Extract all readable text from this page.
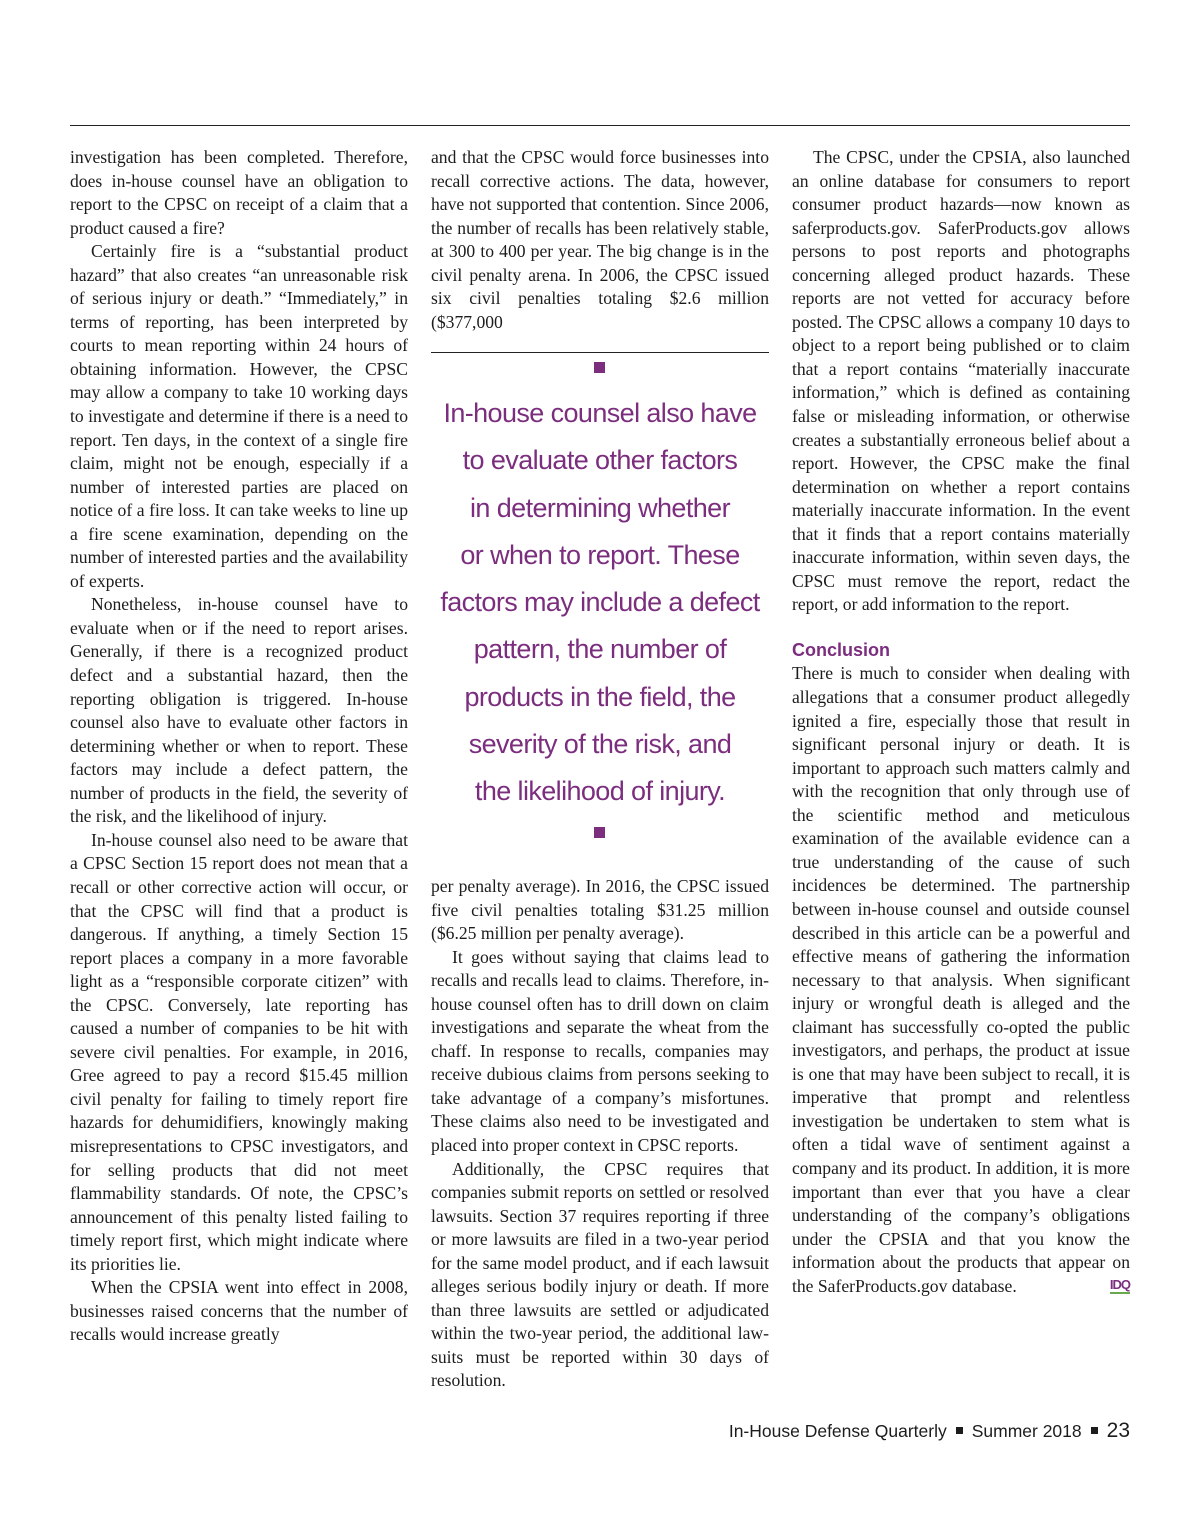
investigation has been completed. Therefore, does in-house counsel have an obligation to report to the CPSC on receipt of a claim that a product caused a fire?

Certainly fire is a “substantial product hazard” that also creates “an unreasonable risk of serious injury or death.” “Immediately,” in terms of reporting, has been interpreted by courts to mean reporting within 24 hours of obtaining information. However, the CPSC may allow a company to take 10 working days to investigate and determine if there is a need to report. Ten days, in the context of a single fire claim, might not be enough, especially if a number of interested parties are placed on notice of a fire loss. It can take weeks to line up a fire scene examination, depending on the number of interested parties and the availability of experts.

Nonetheless, in-house counsel have to evaluate when or if the need to report arises. Generally, if there is a recognized product defect and a substantial hazard, then the reporting obligation is triggered. In-house counsel also have to evaluate other factors in determining whether or when to report. These factors may include a defect pattern, the number of products in the field, the severity of the risk, and the likelihood of injury.

In-house counsel also need to be aware that a CPSC Section 15 report does not mean that a recall or other corrective action will occur, or that the CPSC will find that a product is dangerous. If anything, a timely Section 15 report places a company in a more favorable light as a “responsible corporate citizen” with the CPSC. Conversely, late reporting has caused a number of companies to be hit with severe civil penalties. For example, in 2016, Gree agreed to pay a record $15.45 million civil penalty for failing to timely report fire hazards for dehumidifiers, knowingly making misrepresentations to CPSC investigators, and for selling products that did not meet flammability standards. Of note, the CPSC’s announcement of this penalty listed failing to timely report first, which might indicate where its priorities lie.

When the CPSIA went into effect in 2008, businesses raised concerns that the number of recalls would increase greatly

and that the CPSC would force businesses into recall corrective actions. The data, however, have not supported that contention. Since 2006, the number of recalls has been relatively stable, at 300 to 400 per year. The big change is in the civil penalty arena. In 2006, the CPSC issued six civil penalties totaling $2.6 million ($377,000

In-house counsel also have
to evaluate other factors
in determining whether
or when to report. These
factors may include a defect
pattern, the number of
products in the field, the
severity of the risk, and
the likelihood of injury.

per penalty average). In 2016, the CPSC issued five civil penalties totaling $31.25 million ($6.25 million per penalty average).

It goes without saying that claims lead to recalls and recalls lead to claims. Therefore, in-house counsel often has to drill down on claim investigations and separate the wheat from the chaff. In response to recalls, companies may receive dubious claims from persons seeking to take advantage of a company’s misfortunes. These claims also need to be investigated and placed into proper context in CPSC reports.

Additionally, the CPSC requires that companies submit reports on settled or resolved lawsuits. Section 37 requires reporting if three or more lawsuits are filed in a two-year period for the same model product, and if each lawsuit alleges serious bodily injury or death. If more than three lawsuits are settled or adjudicated within the two-year period, the additional lawsuits must be reported within 30 days of resolution.

The CPSC, under the CPSIA, also launched an online database for consumers to report consumer product hazards—now known as saferproducts.gov. SaferProducts.gov allows persons to post reports and photographs concerning alleged product hazards. These reports are not vetted for accuracy before posted. The CPSC allows a company 10 days to object to a report being published or to claim that a report contains “materially inaccurate information,” which is defined as containing false or misleading information, or otherwise creates a substantially erroneous belief about a report. However, the CPSC make the final determination on whether a report contains materially inaccurate information. In the event that it finds that a report contains materially inaccurate information, within seven days, the CPSC must remove the report, redact the report, or add information to the report.

Conclusion

There is much to consider when dealing with allegations that a consumer product allegedly ignited a fire, especially those that result in significant personal injury or death. It is important to approach such matters calmly and with the recognition that only through use of the scientific method and meticulous examination of the available evidence can a true understanding of the cause of such incidences be determined. The partnership between in-house counsel and outside counsel described in this article can be a powerful and effective means of gathering the information necessary to that analysis. When significant injury or wrongful death is alleged and the claimant has successfully co-opted the public investigators, and perhaps, the product at issue is one that may have been subject to recall, it is imperative that prompt and relentless investigation be undertaken to stem what is often a tidal wave of sentiment against a company and its product. In addition, it is more important than ever that you have a clear understanding of the company’s obligations under the CPSIA and that you know the information about the products that appear on the SaferProducts.gov database.	IDQ

In-House Defense Quarterly Summer 2018 23
